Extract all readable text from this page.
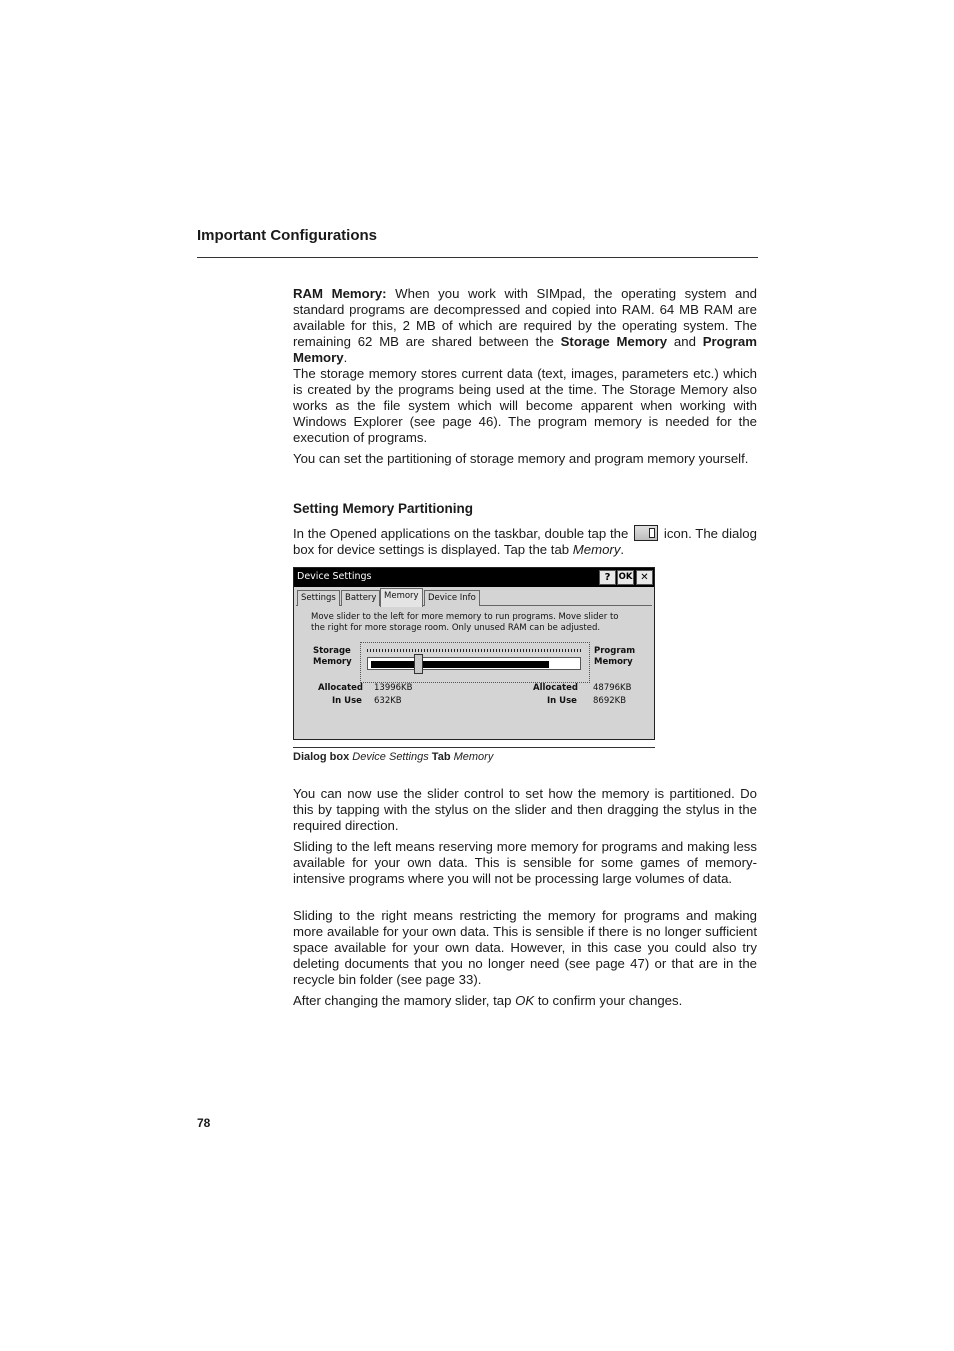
Important Configurations

RAM Memory: When you work with SIMpad, the operating system and standard programs are decompressed and copied into RAM. 64 MB RAM are available for this, 2 MB of which are required by the operating system. The remaining 62 MB are shared between the Storage Memory and Program Memory.

The storage memory stores current data (text, images, parameters etc.) which is created by the programs being used at the time. The Storage Memory also works as the file system which will become apparent when working with Windows Explorer (see page 46). The program memory is needed for the execution of programs.
You can set the partitioning of storage memory and program memory yourself.
Setting Memory Partitioning
In the Opened applications on the taskbar, double tap the	icon. The dialog box for device settings is displayed. Tap the tab Memory.
Device Settings	? OK ✕
Settings	Battery Memory	Device Info
Move slider to the left for more memory to run programs. Move slider to the right for more storage room. Only unused RAM can be adjusted.
Storage Memory
Program Memory
Allocated 13996KB
In Use 632KB
Allocated 48796KB
In Use 8692KB
Dialog box Device Settings Tab Memory
You can now use the slider control to set how the memory is partitioned. Do this by tapping with the stylus on the slider and then dragging the stylus in the required direction.
Sliding to the left means reserving more memory for programs and making less available for your own data. This is sensible for some games of memory-intensive programs where you will not be processing large volumes of data.
Sliding to the right means restricting the memory for programs and making more available for your own data. This is sensible if there is no longer sufficient space available for your own data. However, in this case you could also try deleting documents that you no longer need (see page 47) or that are in the recycle bin folder (see page 33).
After changing the mamory slider, tap OK to confirm your changes.
78
